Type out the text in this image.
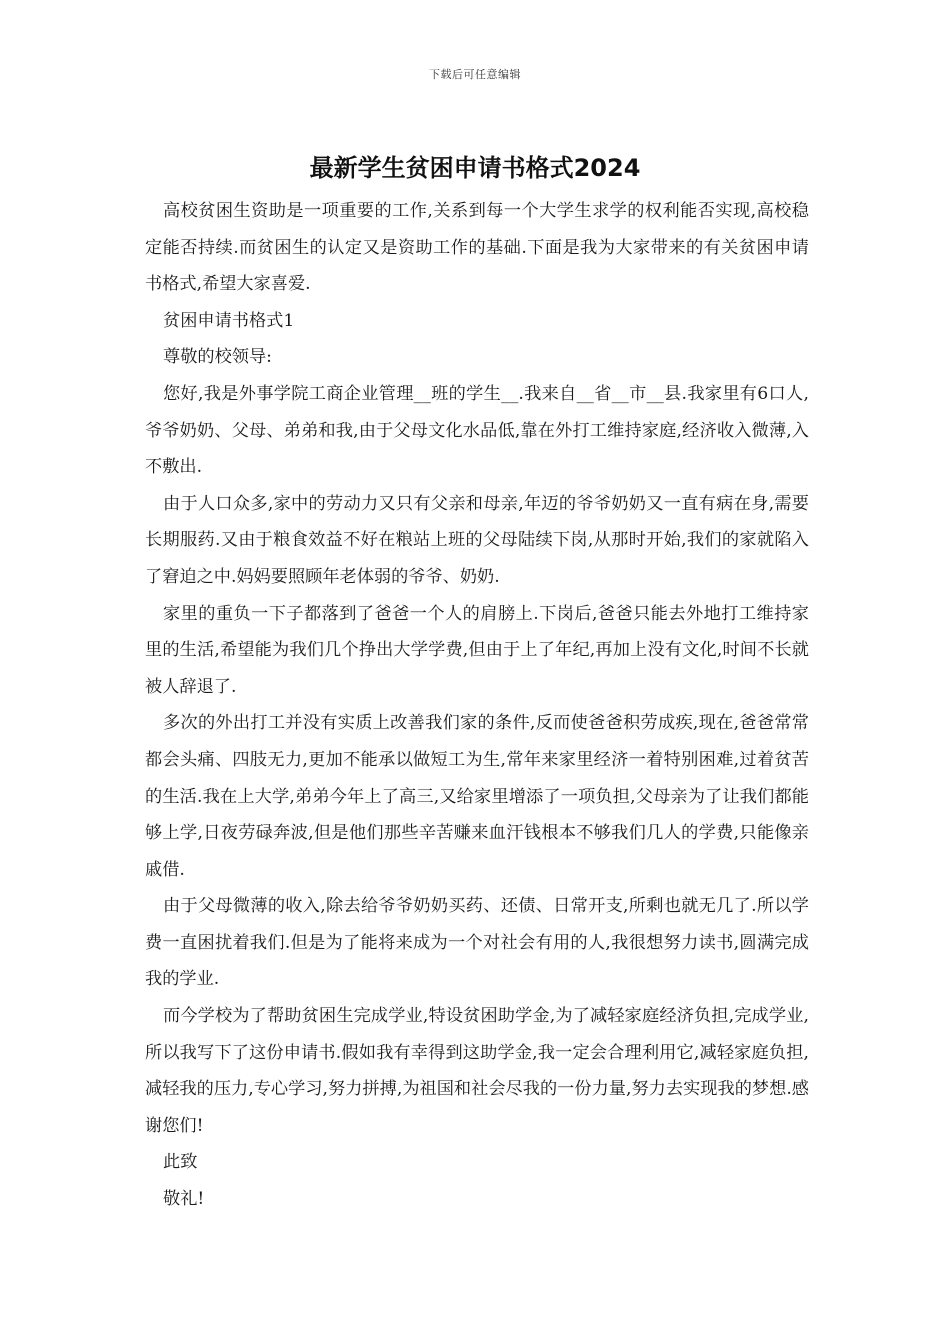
下载后可任意编辑
最新学生贫困申请书格式2024

高校贫困生资助是一项重要的工作,关系到每一个大学生求学的权利能否实现,高校稳定能否持续.而贫困生的认定又是资助工作的基础.下面是我为大家带来的有关贫困申请书格式,希望大家喜爱.

贫困申请书格式1

尊敬的校领导:

您好,我是外事学院工商企业管理__班的学生__.我来自__省__市__县.我家里有6口人,爷爷奶奶、父母、弟弟和我,由于父母文化水品低,靠在外打工维持家庭,经济收入微薄,入不敷出.

由于人口众多,家中的劳动力又只有父亲和母亲,年迈的爷爷奶奶又一直有病在身,需要长期服药.又由于粮食效益不好在粮站上班的父母陆续下岗,从那时开始,我们的家就陷入了窘迫之中.妈妈要照顾年老体弱的爷爷、奶奶.

家里的重负一下子都落到了爸爸一个人的肩膀上.下岗后,爸爸只能去外地打工维持家里的生活,希望能为我们几个挣出大学学费,但由于上了年纪,再加上没有文化,时间不长就被人辞退了.

多次的外出打工并没有实质上改善我们家的条件,反而使爸爸积劳成疾,现在,爸爸常常都会头痛、四肢无力,更加不能承以做短工为生,常年来家里经济一着特别困难,过着贫苦的生活.我在上大学,弟弟今年上了高三,又给家里增添了一项负担,父母亲为了让我们都能够上学,日夜劳碌奔波,但是他们那些辛苦赚来血汗钱根本不够我们几人的学费,只能像亲戚借.

由于父母微薄的收入,除去给爷爷奶奶买药、还债、日常开支,所剩也就无几了.所以学费一直困扰着我们.但是为了能将来成为一个对社会有用的人,我很想努力读书,圆满完成我的学业.

而今学校为了帮助贫困生完成学业,特设贫困助学金,为了减轻家庭经济负担,完成学业,所以我写下了这份申请书.假如我有幸得到这助学金,我一定会合理利用它,减轻家庭负担,减轻我的压力,专心学习,努力拼搏,为祖国和社会尽我的一份力量,努力去实现我的梦想.感谢您们!

此致

敬礼!
